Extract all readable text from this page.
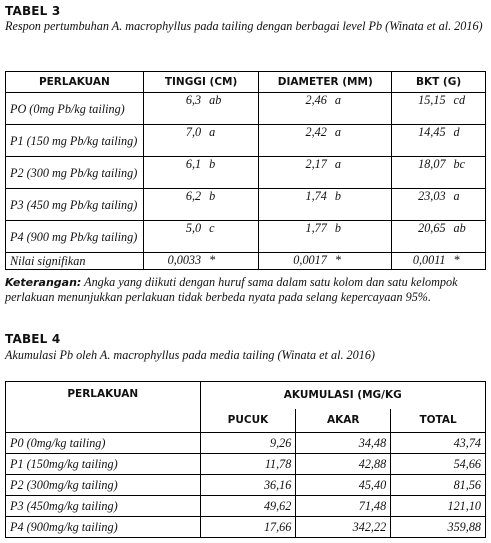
TABEL 3
Respon pertumbuhan A. macrophyllus pada tailing dengan berbagai level Pb (Winata et al. 2016)
PERLAKUAN	TINGGI (CM)		DIAMETER (MM)		BKT (G)	
PO (0mg Pb/kg tailing)	6,3	ab	2,46	a	15,15	cd
P1 (150 mg Pb/kg tailing)	7,0	a	2,42	a	14,45	d
P2 (300 mg Pb/kg tailing)	6,1	b	2,17	a	18,07	bc
P3 (450 mg Pb/kg tailing)	6,2	b	1,74	b	23,03	a
P4 (900 mg Pb/kg tailing)	5,0	c	1,77	b	20,65	ab
Nilai signifikan	0,0033	*	0,0017	*	0,0011	*
Keterangan: Angka yang diikuti dengan huruf sama dalam satu kolom dan satu kelompok perlakuan menunjukkan perlakuan tidak berbeda nyata pada selang kepercayaan 95%.
TABEL 4
Akumulasi Pb oleh A. macrophyllus pada media tailing (Winata et al. 2016)
PERLAKUAN	AKUMULASI (MG/KG		
	PUCUK	AKAR	TOTAL
P0 (0mg/kg tailing)	9,26	34,48	43,74
P1 (150mg/kg tailing)	11,78	42,88	54,66
P2 (300mg/kg tailing)	36,16	45,40	81,56
P3 (450mg/kg tailing)	49,62	71,48	121,10
P4 (900mg/kg tailing)	17,66	342,22	359,88
